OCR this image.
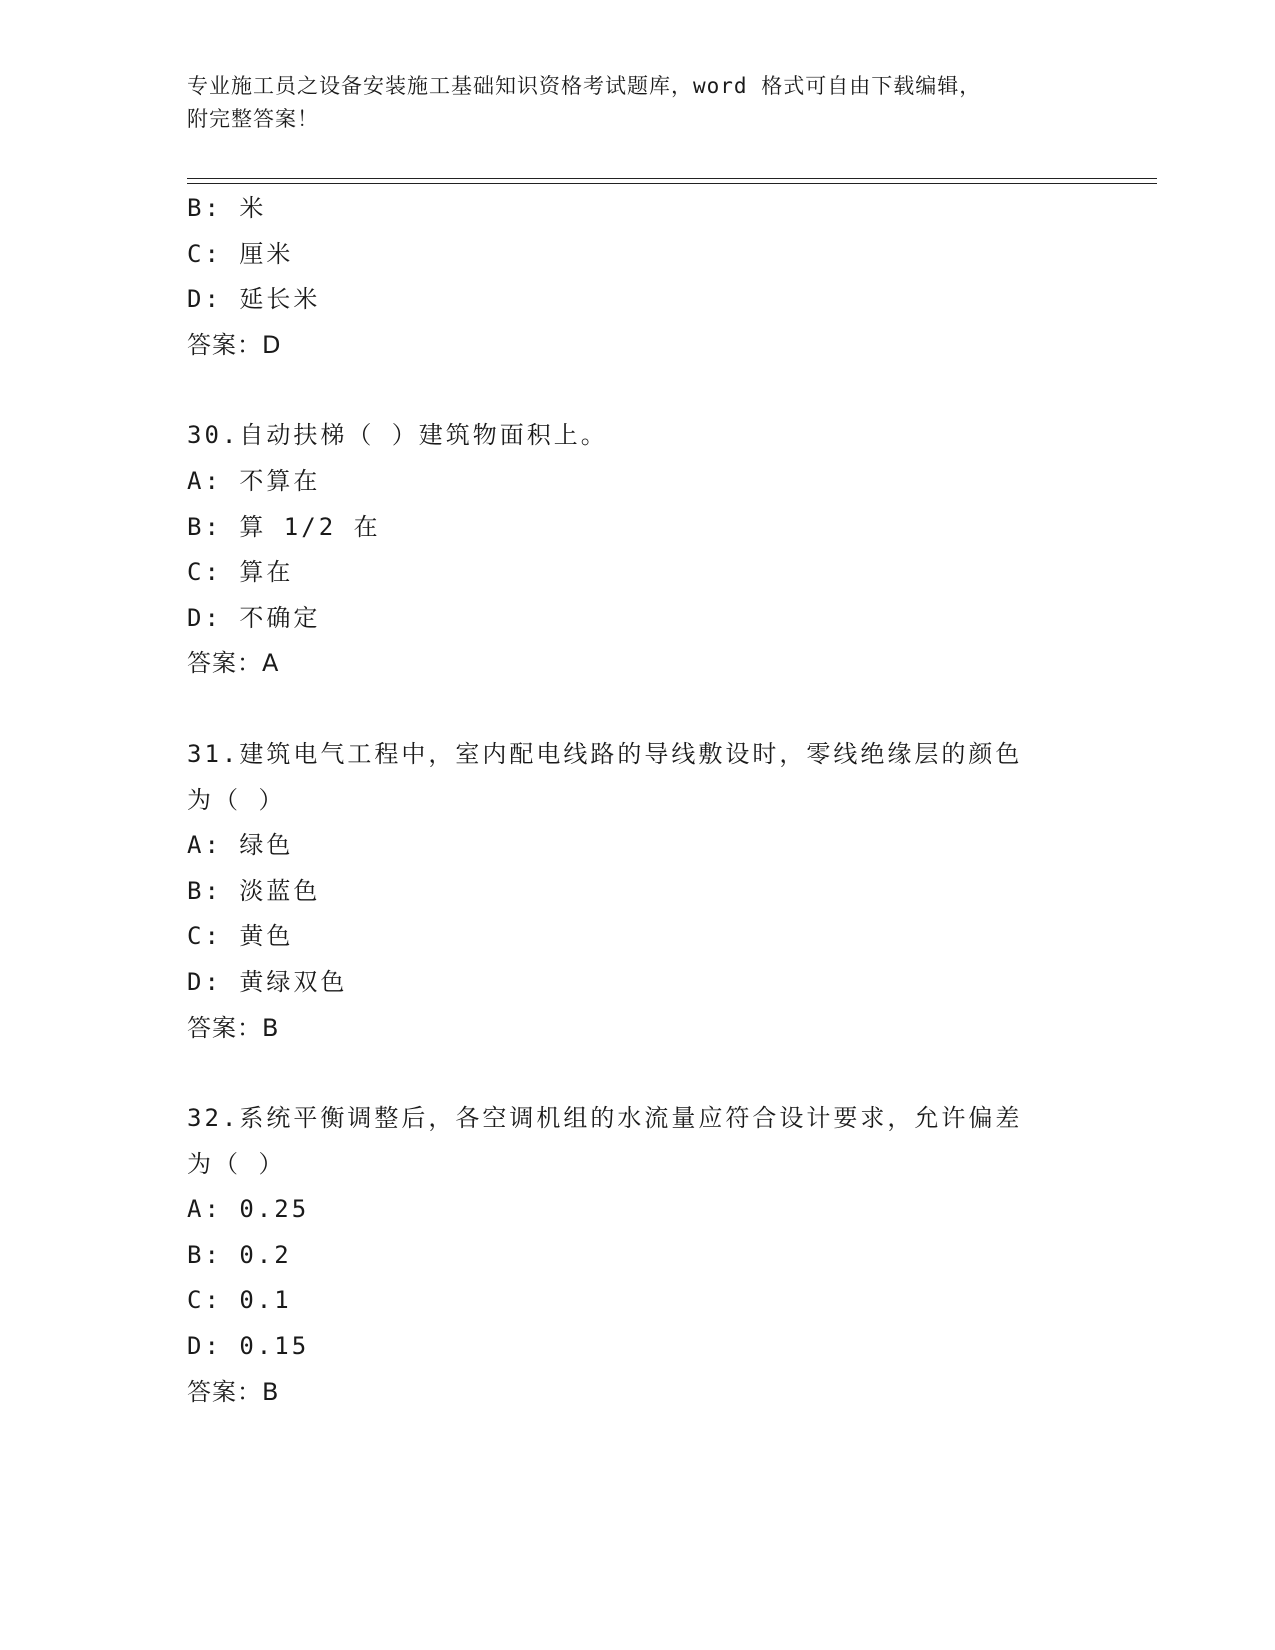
专业施工员之设备安装施工基础知识资格考试题库，word 格式可自由下载编辑，
附完整答案！
B: 米
C: 厘米
D: 延长米
答案：D
30.自动扶梯（ ）建筑物面积上。
A: 不算在
B: 算 1/2 在
C: 算在
D: 不确定
答案：A
31.建筑电气工程中，室内配电线路的导线敷设时，零线绝缘层的颜色
为（ ）
A: 绿色
B: 淡蓝色
C: 黄色
D: 黄绿双色
答案：B
32.系统平衡调整后，各空调机组的水流量应符合设计要求，允许偏差
为（ ）
A: 0.25
B: 0.2
C: 0.1
D: 0.15
答案：B
